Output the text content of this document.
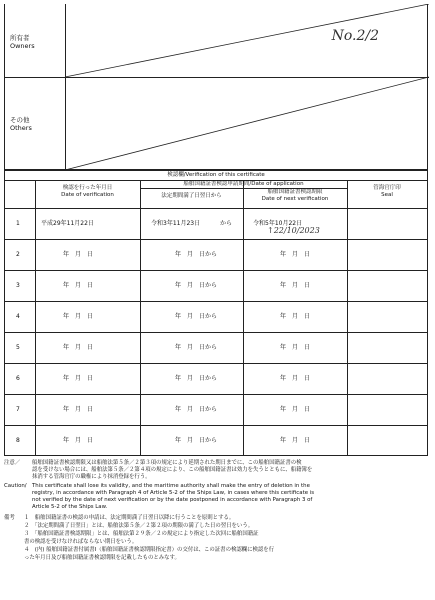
所有者
Owners
No.2/2
その他
Others
検認欄/Verification of this certificate
検認を行った年月日
Date of verification
船舶国籍証書検認申請期間/Date of application
法定期間満了日翌日から
船舶国籍証書検認期限
Date of next verification
管海官庁印
Seal
1	平成29年11月22日	令和3年11月23日	から	令和5年10月22日
↑22/10/2023
2	年　月　日	年　月　日から	年　月　日
3	年　月　日	年　月　日から	年　月　日
4	年　月　日	年　月　日から	年　月　日
5	年　月　日	年　月　日から	年　月　日
6	年　月　日	年　月　日から	年　月　日
7	年　月　日	年　月　日から	年　月　日
8	年　月　日	年　月　日から	年　月　日
注意／ 船舶国籍証書検認期限又は船舶法第５条／２第３項の規定により延期された期日までに、この船舶国籍証書の検
認を受けない場合には、船舶法第５条／２第４項の規定により、この船舶国籍証書は効力を失うとともに、船籍簿を
抹消する管海官庁の職権により抹消登録を行う。
Caution/ This certificate shall lose its validity, and the maritime authority shall make the entry of deletion in the
registry, in accordance with Paragraph 4 of Article 5-2 of the Ships Law, in cases where this certificate is
not verified by the date of next verification or by the date postponed in accordance with Paragraph 3 of
Article 5-2 of the Ships Law.
備考 １　船舶国籍証書の検認の申請は、法定期間満了日翌日以降に行うことを原則とする。
２　「法定期間満了日翌日」とは、船舶法第５条／２第２項の期限の満了した日の翌日をいう。
３　「船舶国籍証書検認期限」とは、船舶法第２９条／２の規定により指定した次回に船舶国籍証
書の検認を受けなければならない期日をいう。
４　(内) 船舶国籍証書付属書Ⅰ（船舶国籍証書検認期限指定書）の交付は、この証書の検認欄に検認を行
った年月日及び船舶国籍証書検認期限を記載したものとみなす。
